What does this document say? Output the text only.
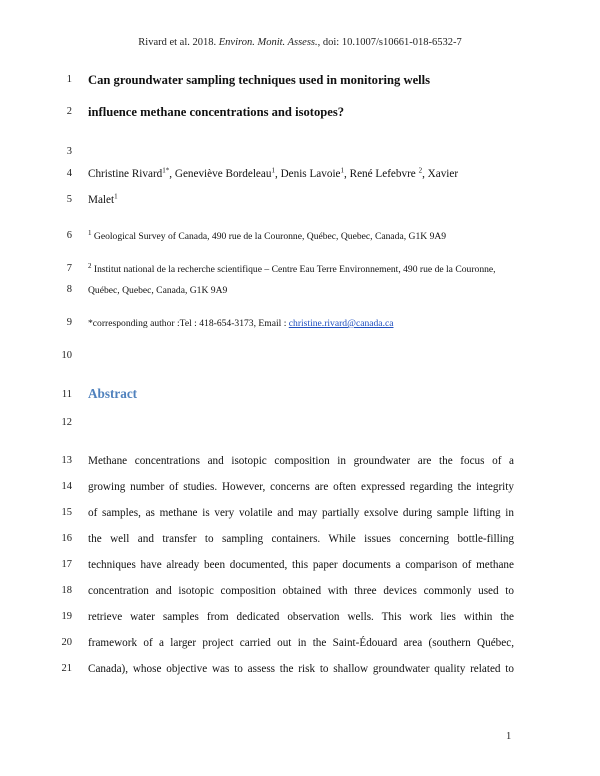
Rivard et al. 2018. Environ. Monit. Assess., doi: 10.1007/s10661-018-6532-7
1
2
3
4
5
6
7
8
9
10
11
12
13
14
15
16
17
18
19
20
21
Can groundwater sampling techniques used in monitoring wells
influence methane concentrations and isotopes?
Christine Rivard$^{1*}$, Geneviève Bordeleau$^1$, Denis Lavoie$^1$, René Lefebvre $^2$, Xavier
Malet$^1$
$^1$ Geological Survey of Canada, 490 rue de la Couronne, Québec, Quebec, Canada, G1K 9A9
$^2$ Institut national de la recherche scientifique – Centre Eau Terre Environnement, 490 rue de la Couronne,
Québec, Quebec, Canada, G1K 9A9
*corresponding author :Tel : 418-654-3173, Email : christine.rivard@canada.ca
Abstract
Methane concentrations and isotopic composition in groundwater are the focus of a
growing number of studies. However, concerns are often expressed regarding the integrity
of samples, as methane is very volatile and may partially exsolve during sample lifting in
the well and transfer to sampling containers. While issues concerning bottle-filling
techniques have already been documented, this paper documents a comparison of methane
concentration and isotopic composition obtained with three devices commonly used to
retrieve water samples from dedicated observation wells. This work lies within the
framework of a larger project carried out in the Saint-Édouard area (southern Québec,
Canada), whose objective was to assess the risk to shallow groundwater quality related to
1
